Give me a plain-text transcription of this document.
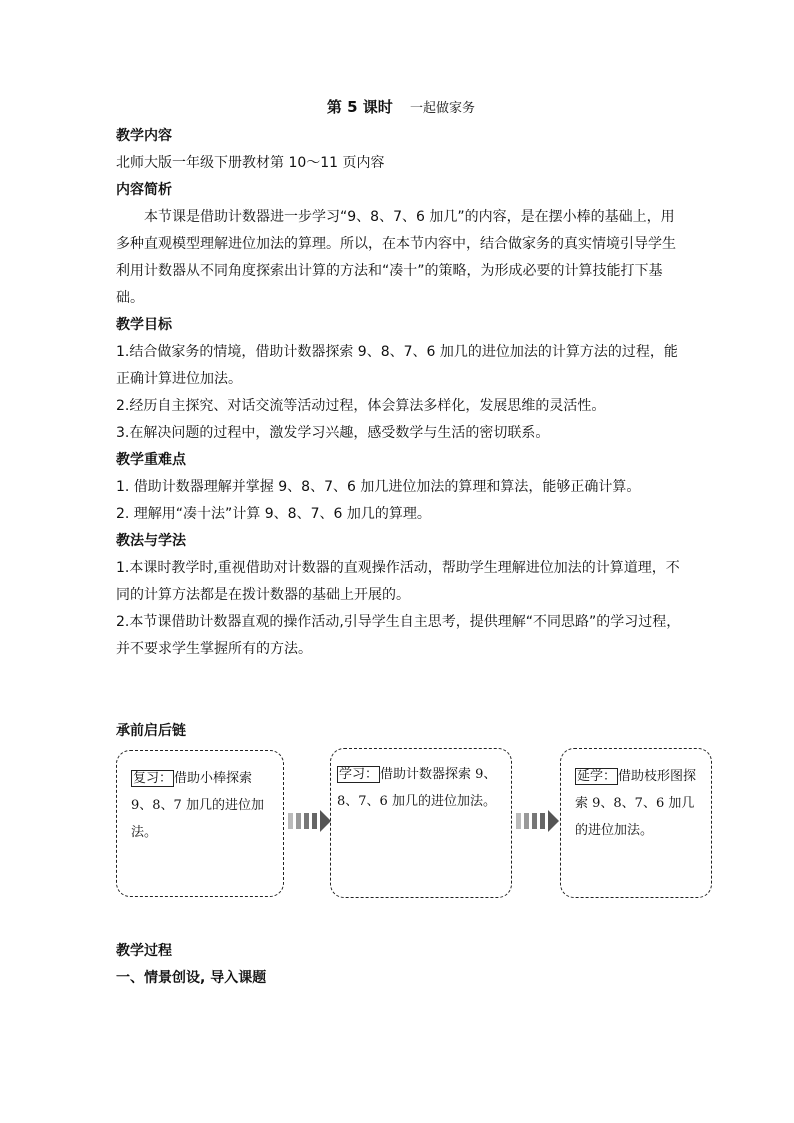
第 5 课时 一起做家务
教学内容

北师大版一年级下册教材第 10～11 页内容

内容简析

本节课是借助计数器进一步学习“9、8、7、6 加几”的内容，是在摆小棒的基础上，用多种直观模型理解进位加法的算理。所以，在本节内容中，结合做家务的真实情境引导学生利用计数器从不同角度探索出计算的方法和“凑十”的策略，为形成必要的计算技能打下基础。

教学目标

1.结合做家务的情境，借助计数器探索 9、8、7、6 加几的进位加法的计算方法的过程，能正确计算进位加法。

2.经历自主探究、对话交流等活动过程，体会算法多样化，发展思维的灵活性。

3.在解决问题的过程中，激发学习兴趣，感受数学与生活的密切联系。

教学重难点

1. 借助计数器理解并掌握 9、8、7、6 加几进位加法的算理和算法，能够正确计算。

2. 理解用“凑十法”计算 9、8、7、6 加几的算理。

教法与学法

1.本课时教学时,重视借助对计数器的直观操作活动，帮助学生理解进位加法的计算道理，不同的计算方法都是在拨计数器的基础上开展的。

2.本节课借助计数器直观的操作活动,引导学生自主思考，提供理解“不同思路”的学习过程，并不要求学生掌握所有的方法。

承前启后链
复习： 借助小棒探索 9、8、7 加几的进位加法。
学习： 借助计数器探索 9、8、7、6 加几的进位加法。
延学： 借助枝形图探索 9、8、7、6 加几的进位加法。
教学过程
一、情景创设, 导入课题
